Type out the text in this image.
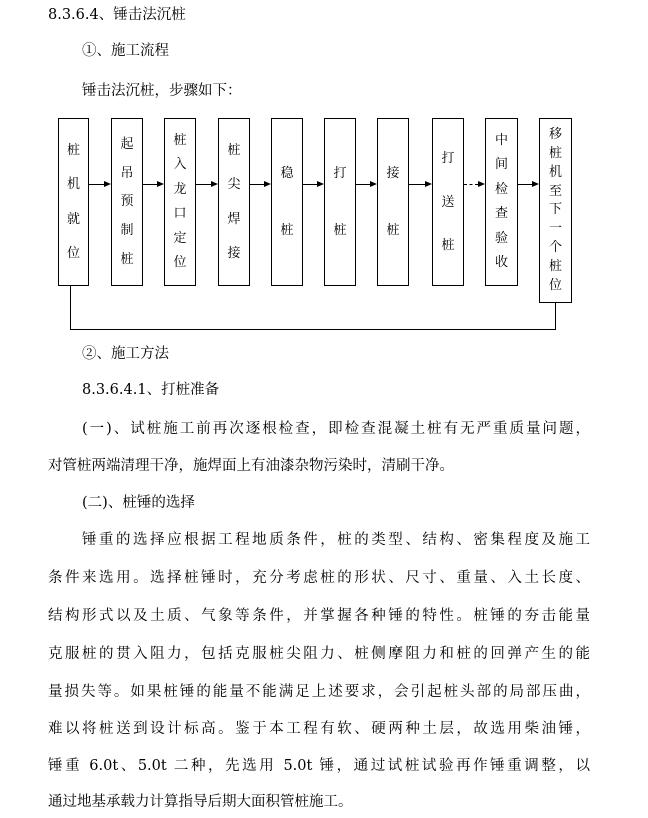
8.3.6.4、锤击法沉桩
①、施工流程
锤击法沉桩，步骤如下：
桩
机
就
位
起
吊
预
制
桩
桩
入
龙
口
定
位
桩
尖
焊
接
稳
桩
打
桩
接
桩
打
送
桩
中
间
检
查
验
收
移
桩
机
至
下
一
个
桩
位
②、施工方法
8.3.6.4.1、打桩准备
(一)、试桩施工前再次逐根检查，即检查混凝土桩有无严重质量问题，
对管桩两端清理干净，施焊面上有油漆杂物污染时，清刷干净。
(二)、桩锤的选择
锤重的选择应根据工程地质条件，桩的类型、结构、密集程度及施工
条件来选用。选择桩锤时，充分考虑桩的形状、尺寸、重量、入土长度、
结构形式以及土质、气象等条件，并掌握各种锤的特性。桩锤的夯击能量
克服桩的贯入阻力，包括克服桩尖阻力、桩侧摩阻力和桩的回弹产生的能
量损失等。如果桩锤的能量不能满足上述要求，会引起桩头部的局部压曲，
难以将桩送到设计标高。鉴于本工程有软、硬两种土层，故选用柴油锤，
锤重 6.0t、5.0t 二种，先选用 5.0t 锤，通过试桩试验再作锤重调整，以
通过地基承载力计算指导后期大面积管桩施工。
